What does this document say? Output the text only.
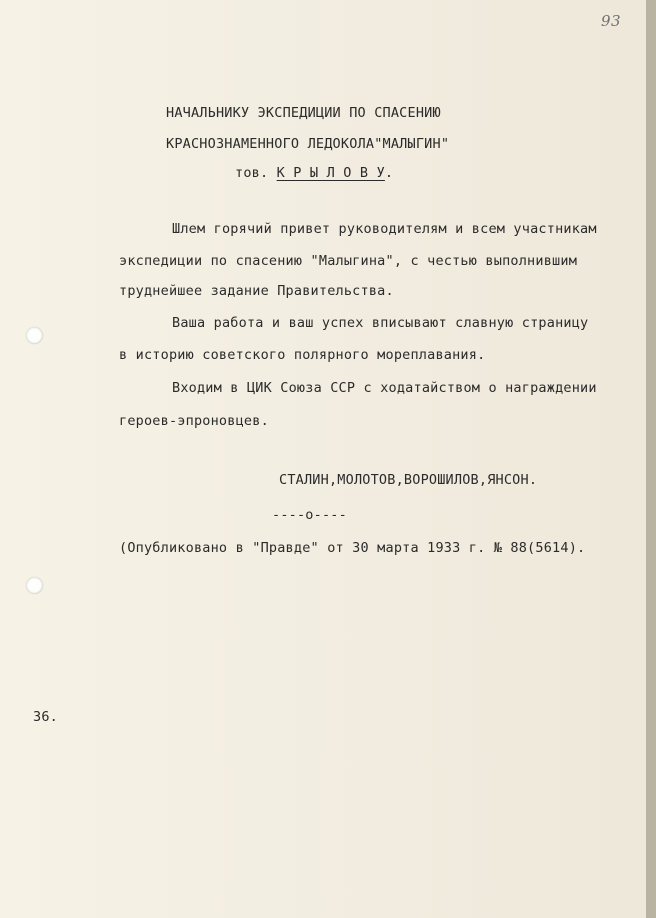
93
НАЧАЛЬНИКУ ЭКСПЕДИЦИИ ПО СПАСЕНИЮ
КРАСНОЗНАМЕННОГО ЛЕДОКОЛА"МАЛЫГИН"
тов. К Р Ы Л О В У.
Шлем горячий привет руководителям и всем участникам
экспедиции по спасению "Малыгина", с честью выполнившим
труднейшее задание Правительства.
Ваша работа и ваш успех вписывают славную страницу
в историю советского полярного мореплавания.
Входим в ЦИК Союза ССР с ходатайством о награждении
героев-эпроновцев.
СТАЛИН,МОЛОТОВ,ВОРОШИЛОВ,ЯНСОН.
----о----
(Опубликовано в "Правде" от 30 марта 1933 г. № 88(5614).
36.
